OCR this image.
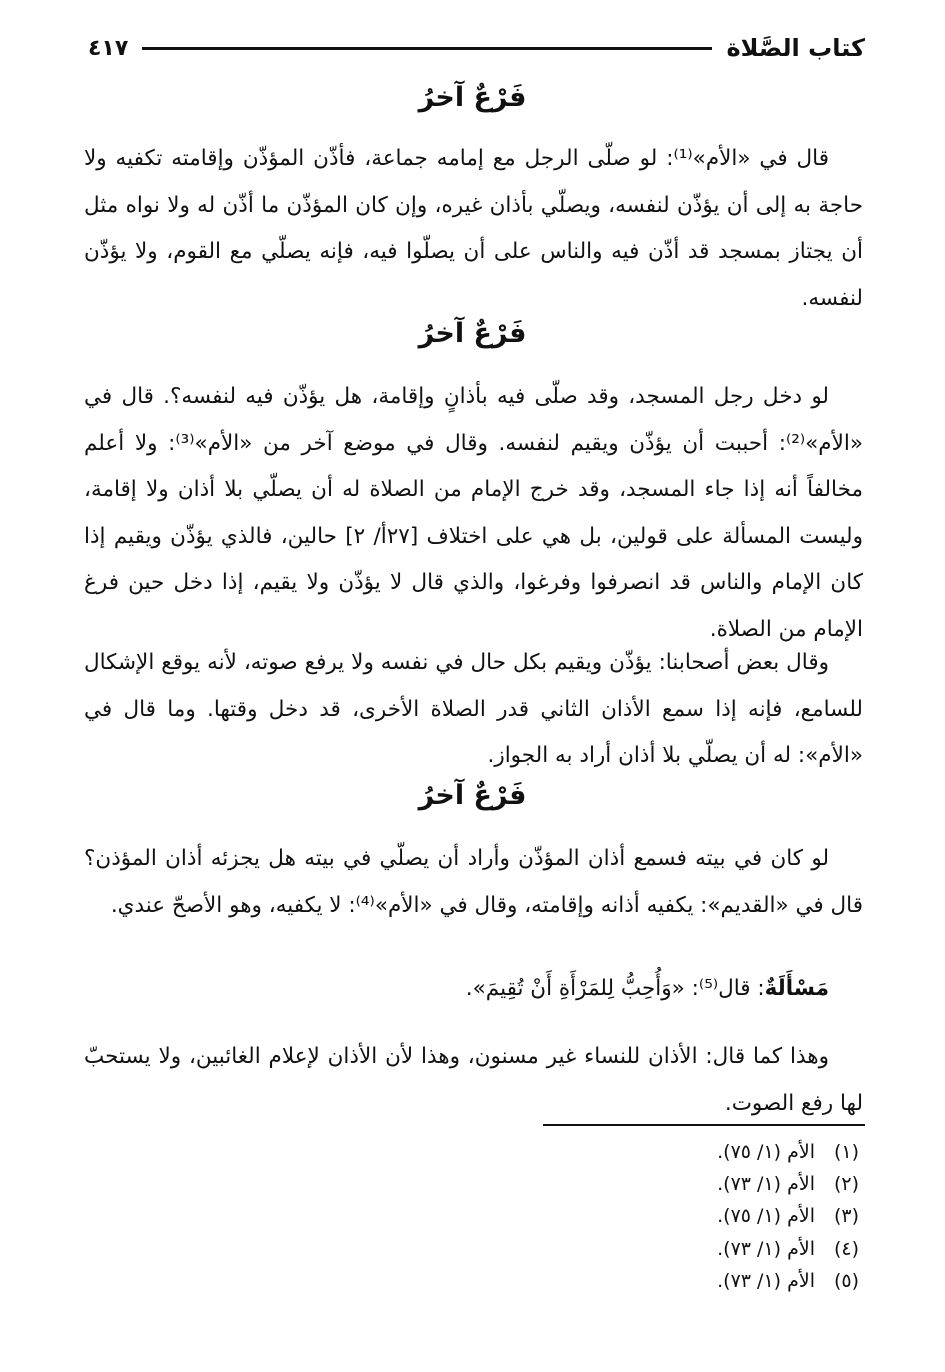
كتاب الصَّلاة
٤١٧
فَرْعٌ آخرُ
قال في «الأم»⁽¹⁾: لو صلّى الرجل مع إمامه جماعة، فأذّن المؤذّن وإقامته تكفيه ولا حاجة به إلى أن يؤذّن لنفسه، ويصلّي بأذان غيره، وإن كان المؤذّن ما أذّن له ولا نواه مثل أن يجتاز بمسجد قد أذّن فيه والناس على أن يصلّوا فيه، فإنه يصلّي مع القوم، ولا يؤذّن لنفسه.
فَرْعٌ آخرُ
لو دخل رجل المسجد، وقد صلّى فيه بأذانٍ وإقامة، هل يؤذّن فيه لنفسه؟. قال في «الأم»⁽²⁾: أحببت أن يؤذّن ويقيم لنفسه. وقال في موضع آخر من «الأم»⁽³⁾: ولا أعلم مخالفاً أنه إذا جاء المسجد، وقد خرج الإمام من الصلاة له أن يصلّي بلا أذان ولا إقامة، وليست المسألة على قولين، بل هي على اختلاف [٢٧أ/ ٢] حالين، فالذي يؤذّن ويقيم إذا كان الإمام والناس قد انصرفوا وفرغوا، والذي قال لا يؤذّن ولا يقيم، إذا دخل حين فرغ الإمام من الصلاة.
وقال بعض أصحابنا: يؤذّن ويقيم بكل حال في نفسه ولا يرفع صوته، لأنه يوقع الإشكال للسامع، فإنه إذا سمع الأذان الثاني قدر الصلاة الأخرى، قد دخل وقتها. وما قال في «الأم»: له أن يصلّي بلا أذان أراد به الجواز.
فَرْعٌ آخرُ
لو كان في بيته فسمع أذان المؤذّن وأراد أن يصلّي في بيته هل يجزئه أذان المؤذن؟ قال في «القديم»: يكفيه أذانه وإقامته، وقال في «الأم»⁽⁴⁾: لا يكفيه، وهو الأصحّ عندي.
مَسْأَلَةٌ: قال⁽⁵⁾: «وَأُحِبُّ لِلمَرْأَةِ أَنْ تُقِيمَ».
وهذا كما قال: الأذان للنساء غير مسنون، وهذا لأن الأذان لإعلام الغائبين، ولا يستحبّ لها رفع الصوت.
(١)الأم (١/ ٧٥).
(٢)الأم (١/ ٧٣).
(٣)الأم (١/ ٧٥).
(٤)الأم (١/ ٧٣).
(٥)الأم (١/ ٧٣).
